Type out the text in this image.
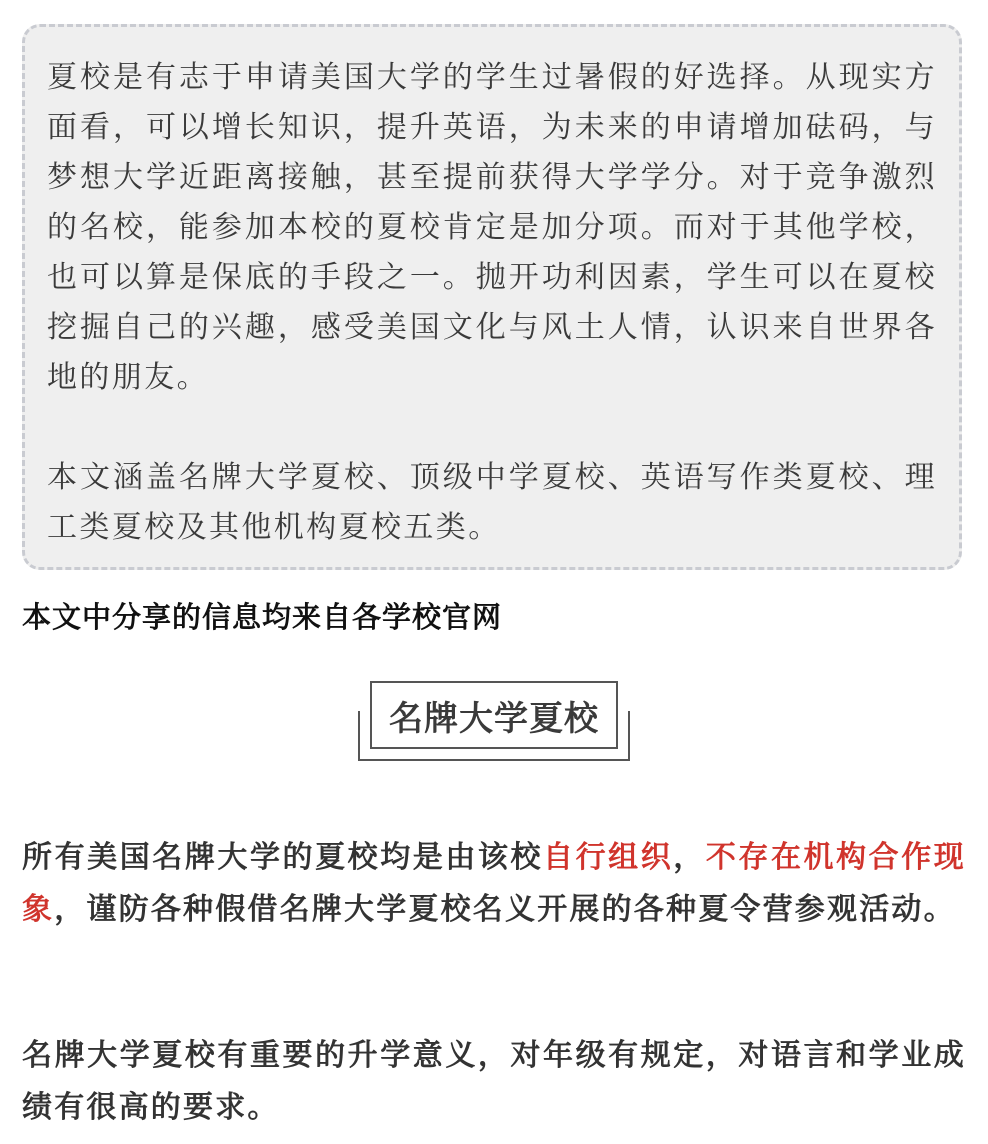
夏校是有志于申请美国大学的学生过暑假的好选择。从现实方面看，可以增长知识，提升英语，为未来的申请增加砝码，与梦想大学近距离接触，甚至提前获得大学学分。对于竞争激烈的名校，能参加本校的夏校肯定是加分项。而对于其他学校，也可以算是保底的手段之一。抛开功利因素，学生可以在夏校挖掘自己的兴趣，感受美国文化与风土人情，认识来自世界各地的朋友。

本文涵盖名牌大学夏校、顶级中学夏校、英语写作类夏校、理工类夏校及其他机构夏校五类。

本文中分享的信息均来自各学校官网

名牌大学夏校

所有美国名牌大学的夏校均是由该校自行组织，不存在机构合作现象，谨防各种假借名牌大学夏校名义开展的各种夏令营参观活动。

名牌大学夏校有重要的升学意义，对年级有规定，对语言和学业成绩有很高的要求。
